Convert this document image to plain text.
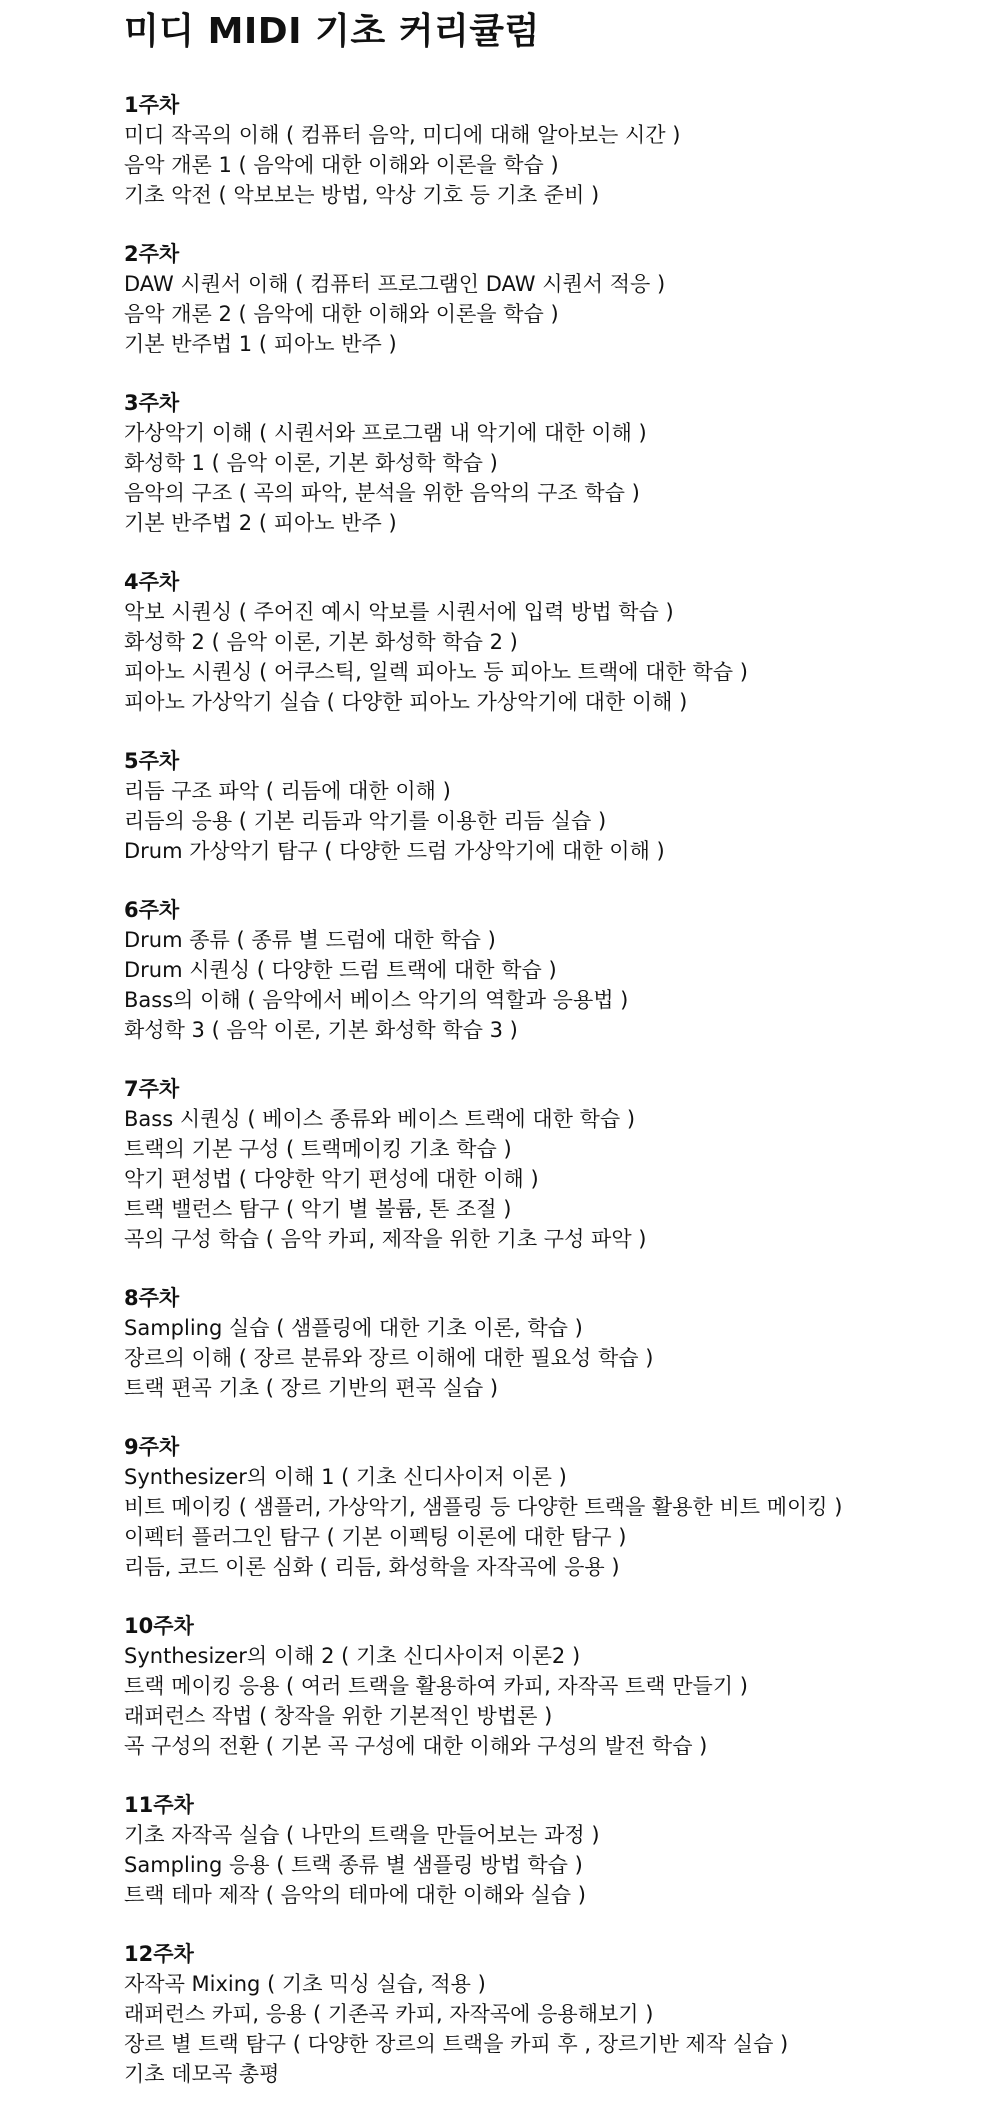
미디 MIDI 기초 커리큘럼
1주차
미디 작곡의 이해 ( 컴퓨터 음악, 미디에 대해 알아보는 시간 )
음악 개론 1 ( 음악에 대한 이해와 이론을 학습 )
기초 악전 ( 악보보는 방법, 악상 기호 등 기초 준비 )
2주차
DAW 시퀀서 이해 ( 컴퓨터 프로그램인 DAW 시퀀서 적응 )
음악 개론 2 ( 음악에 대한 이해와 이론을 학습 )
기본 반주법 1 ( 피아노 반주 )
3주차
가상악기 이해 ( 시퀀서와 프로그램 내 악기에 대한 이해 )
화성학 1 ( 음악 이론, 기본 화성학 학습 )
음악의 구조 ( 곡의 파악, 분석을 위한 음악의 구조 학습 )
기본 반주법 2 ( 피아노 반주 )
4주차
악보 시퀀싱 ( 주어진 예시 악보를 시퀀서에 입력 방법 학습 )
화성학 2 ( 음악 이론, 기본 화성학 학습 2 )
피아노 시퀀싱 ( 어쿠스틱, 일렉 피아노 등 피아노 트랙에 대한 학습 )
피아노 가상악기 실습 ( 다양한 피아노 가상악기에 대한 이해 )
5주차
리듬 구조 파악 ( 리듬에 대한 이해 )
리듬의 응용 ( 기본 리듬과 악기를 이용한 리듬 실습 )
Drum 가상악기 탐구 ( 다양한 드럼 가상악기에 대한 이해 )
6주차
Drum 종류 ( 종류 별 드럼에 대한 학습 )
Drum 시퀀싱 ( 다양한 드럼 트랙에 대한 학습 )
Bass의 이해 ( 음악에서 베이스 악기의 역할과 응용법 )
화성학 3 ( 음악 이론, 기본 화성학 학습 3 )
7주차
Bass 시퀀싱 ( 베이스 종류와 베이스 트랙에 대한 학습 )
트랙의 기본 구성 ( 트랙메이킹 기초 학습 )
악기 편성법 ( 다양한 악기 편성에 대한 이해 )
트랙 밸런스 탐구 ( 악기 별 볼륨, 톤 조절 )
곡의 구성 학습 ( 음악 카피, 제작을 위한 기초 구성 파악 )
8주차
Sampling 실습 ( 샘플링에 대한 기초 이론, 학습 )
장르의 이해 ( 장르 분류와 장르 이해에 대한 필요성 학습 )
트랙 편곡 기초 ( 장르 기반의 편곡 실습 )
9주차
Synthesizer의 이해 1 ( 기초 신디사이저 이론 )
비트 메이킹 ( 샘플러, 가상악기, 샘플링 등 다양한 트랙을 활용한 비트 메이킹 )
이펙터 플러그인 탐구 ( 기본 이펙팅 이론에 대한 탐구 )
리듬, 코드 이론 심화 ( 리듬, 화성학을 자작곡에 응용 )
10주차
Synthesizer의 이해 2 ( 기초 신디사이저 이론2 )
트랙 메이킹 응용 ( 여러 트랙을 활용하여 카피, 자작곡 트랙 만들기 )
래퍼런스 작법 ( 창작을 위한 기본적인 방법론 )
곡 구성의 전환 ( 기본 곡 구성에 대한 이해와 구성의 발전 학습 )
11주차
기초 자작곡 실습 ( 나만의 트랙을 만들어보는 과정 )
Sampling 응용 ( 트랙 종류 별 샘플링 방법 학습 )
트랙 테마 제작 ( 음악의 테마에 대한 이해와 실습 )
12주차
자작곡 Mixing ( 기초 믹싱 실습, 적용 )
래퍼런스 카피, 응용 ( 기존곡 카피, 자작곡에 응용해보기 )
장르 별 트랙 탐구 ( 다양한 장르의 트랙을 카피 후 , 장르기반 제작 실습 )
기초 데모곡 총평
